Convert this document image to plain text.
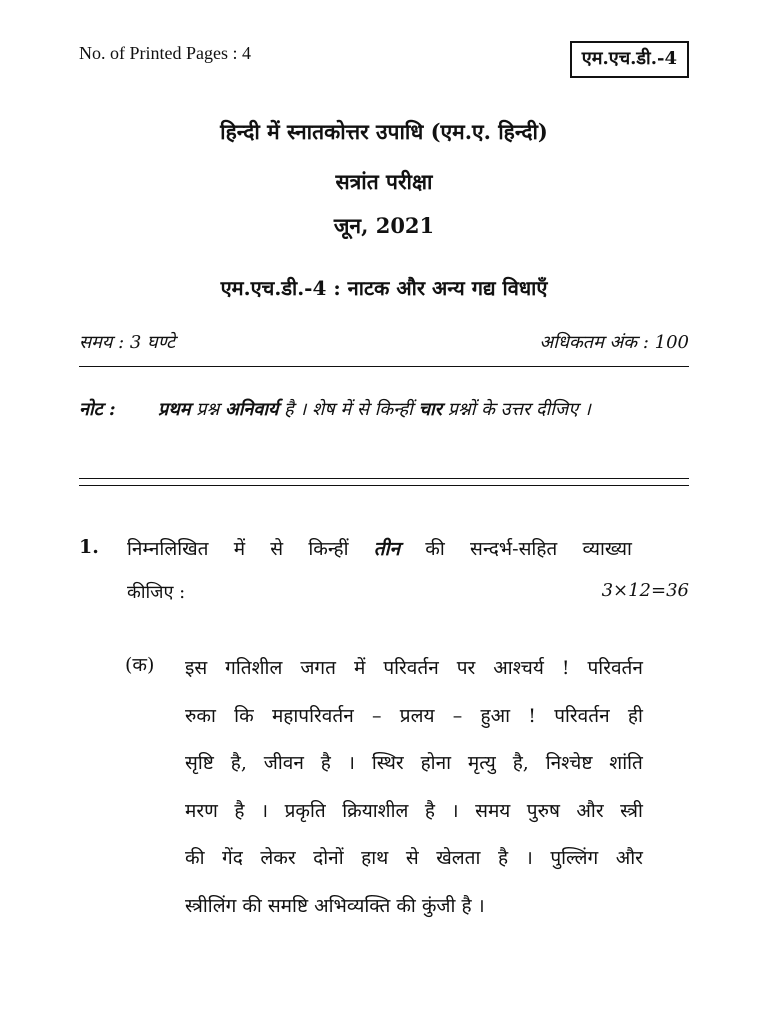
No. of Printed Pages : 4	एम.एच.डी.-4
हिन्दी में स्नातकोत्तर उपाधि (एम.ए. हिन्दी)
सत्रांत परीक्षा
जून, 2021
एम.एच.डी.-4 : नाटक और अन्य गद्य विधाएँ
समय : 3 घण्टे	अधिकतम अंक : 100
नोट : प्रथम प्रश्न अनिवार्य है । शेष में से किन्हीं चार प्रश्नों के उत्तर दीजिए ।
1. निम्नलिखित में से किन्हीं तीन की सन्दर्भ-सहित व्याख्या
कीजिए :	3×12=36
(क) इस गतिशील जगत में परिवर्तन पर आश्चर्य ! परिवर्तन
रुका कि महापरिवर्तन – प्रलय – हुआ ! परिवर्तन ही
सृष्टि है, जीवन है । स्थिर होना मृत्यु है, निश्चेष्ट शांति
मरण है । प्रकृति क्रियाशील है । समय पुरुष और स्त्री
की गेंद लेकर दोनों हाथ से खेलता है । पुल्लिंग और
स्त्रीलिंग की समष्टि अभिव्यक्ति की कुंजी है ।
